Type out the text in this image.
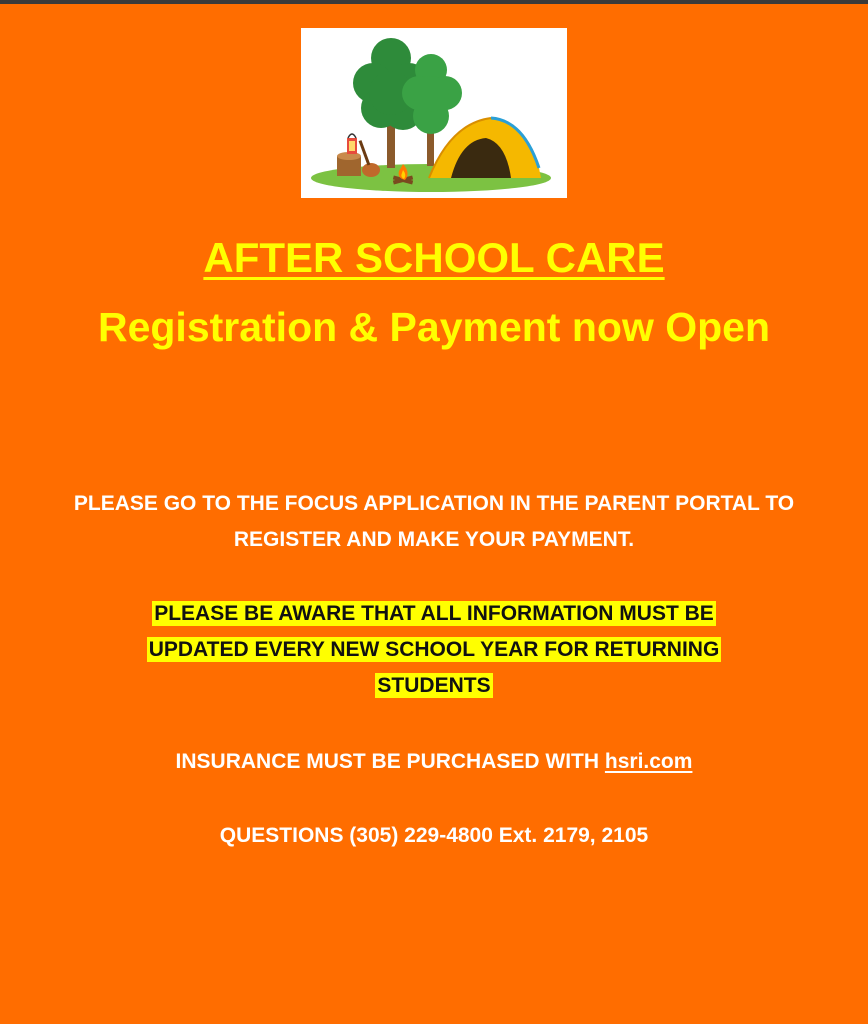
AFTER SCHOOL CARE
Registration & Payment now Open
PLEASE GO TO THE FOCUS APPLICATION IN THE PARENT PORTAL TO REGISTER AND MAKE YOUR PAYMENT.
PLEASE BE AWARE THAT ALL INFORMATION MUST BE
UPDATED EVERY NEW SCHOOL YEAR FOR RETURNING
STUDENTS
INSURANCE MUST BE PURCHASED WITH hsri.com
QUESTIONS (305) 229-4800 Ext. 2179, 2105
